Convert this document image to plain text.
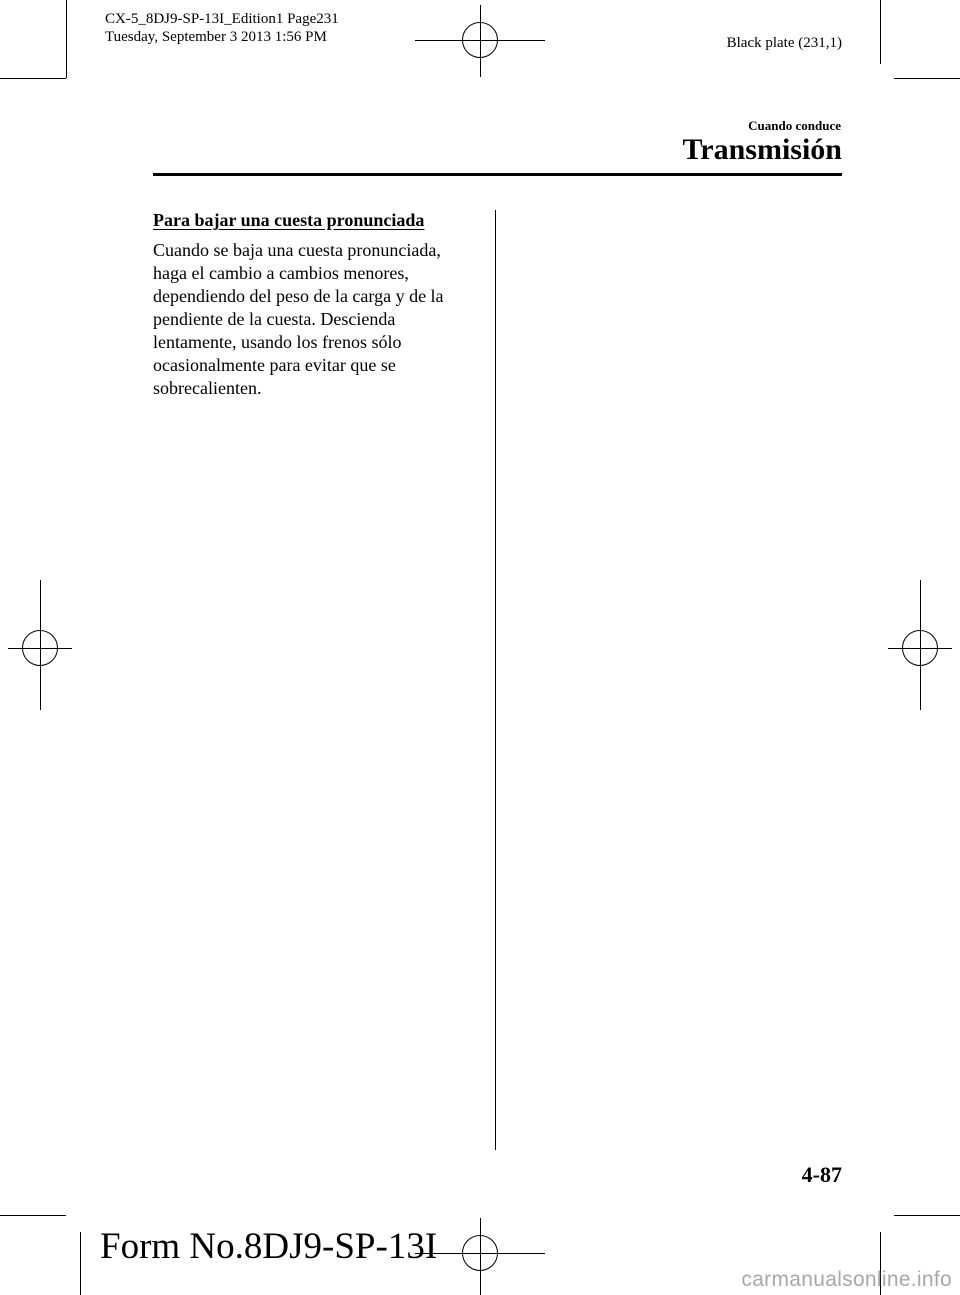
CX-5_8DJ9-SP-13I_Edition1 Page231
Tuesday, September 3 2013 1:56 PM	Black plate (231,1)
Cuando conduce
Transmisión

Para bajar una cuesta pronunciada

Cuando se baja una cuesta pronunciada,
haga el cambio a cambios menores,
dependiendo del peso de la carga y de la
pendiente de la cuesta. Descienda
lentamente, usando los frenos sólo
ocasionalmente para evitar que se
sobrecalienten.

4-87
Form No.8DJ9-SP-13I
carmanualsonline.info
